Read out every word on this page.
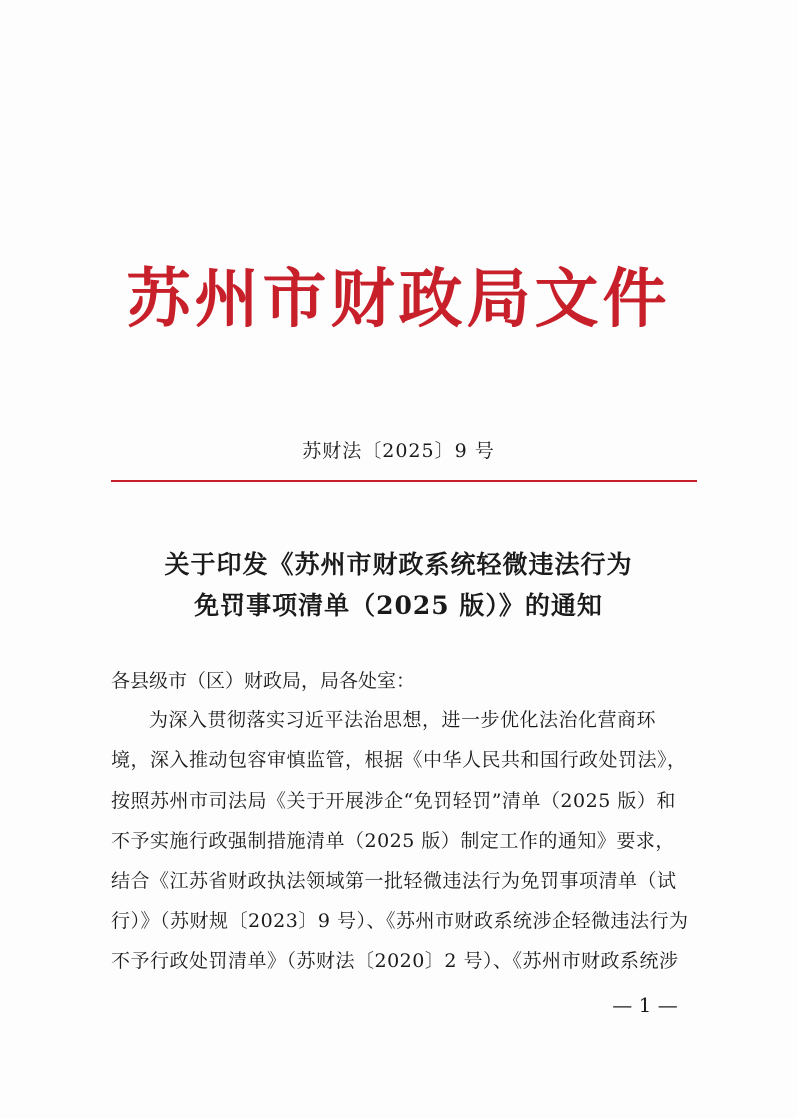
苏州市财政局文件
苏财法〔2025〕9 号
关于印发《苏州市财政系统轻微违法行为
免罚事项清单（2025 版）》的通知
各县级市（区）财政局，局各处室：
为深入贯彻落实习近平法治思想，进一步优化法治化营商环
境，深入推动包容审慎监管，根据《中华人民共和国行政处罚法》，
按照苏州市司法局《关于开展涉企“免罚轻罚”清单（2025 版）和
不予实施行政强制措施清单（2025 版）制定工作的通知》要求，
结合《江苏省财政执法领域第一批轻微违法行为免罚事项清单（试
行）》（苏财规〔2023〕9 号）、《苏州市财政系统涉企轻微违法行为
不予行政处罚清单》（苏财法〔2020〕2 号）、《苏州市财政系统涉
— 1 —
